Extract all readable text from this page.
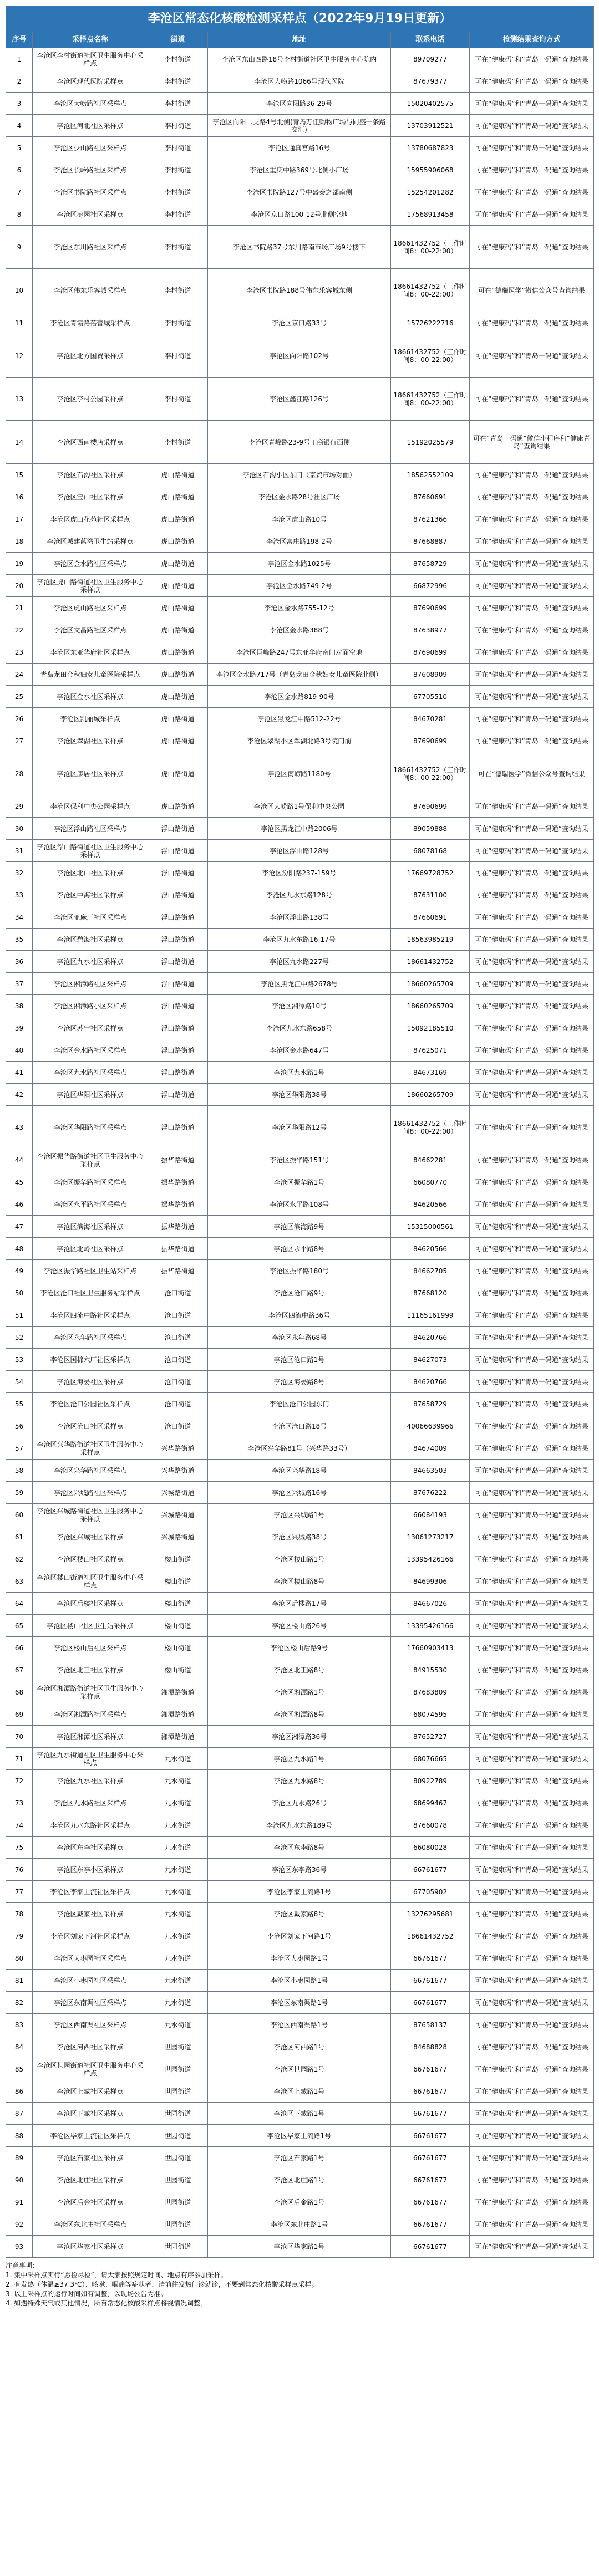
李沧区常态化核酸检测采样点（2022年9月19日更新）					
序号	采样点名称	街道	地址	联系电话	检测结果查询方式
1	李沧区李村街道社区卫生服务中心采样点	李村街道	李沧区东山四路18号李村街道社区卫生服务中心院内	89709277	可在“健康码”和“青岛一码通”查询结果
2	李沧区现代医院采样点	李村街道	李沧区大崂路1066号现代医院	87679377	可在“健康码”和“青岛一码通”查询结果
3	李沧区大崂路社区采样点	李村街道	李沧区向阳路36-29号	15020402575	可在“健康码”和“青岛一码通”查询结果
4	李沧区河北社区采样点	李村街道	李沧区向阳二支路4号北侧(青岛万佳购物广场与同盛一条路交汇)	13703912521	可在“健康码”和“青岛一码通”查询结果
5	李沧区少山路社区采样点	李村街道	李沧区通真宫路16号	13780687823	可在“健康码”和“青岛一码通”查询结果
6	李沧区长岭路社区采样点	李村街道	李沧区重庆中路369号北侧小广场	15955906068	可在“健康码”和“青岛一码通”查询结果
7	李沧区书院路社区采样点	李村街道	李沧区书院路127号中盛泰之都南侧	15254201282	可在“健康码”和“青岛一码通”查询结果
8	李沧区枣园社区采样点	李村街道	李沧区京口路100-12号北侧空地	17568913458	可在“健康码”和“青岛一码通”查询结果
9	李沧区东川路社区采样点	李村街道	李沧区书院路37号东川路南市场广场9号楼下	18661432752（工作时间8：00-22:00）	可在“健康码”和“青岛一码通”查询结果
10	李沧区伟东乐客城采样点	李村街道	李沧区书院路188号伟东乐客城东侧	18661432752（工作时间8：00-22:00）	可在“德瑞医学”微信公众号查询结果
11	李沧区青霞路蓓蕾城采样点	李村街道	李沧区京口路33号	15726222716	可在“健康码”和“青岛一码通”查询结果
12	李沧区北方国贸采样点	李村街道	李沧区向阳路102号	18661432752（工作时间8：00-22:00）	可在“健康码”和“青岛一码通”查询结果
13	李沧区李村公园采样点	李村街道	李沧区鑫江路126号	18661432752（工作时间8：00-22:00）	可在“健康码”和“青岛一码通”查询结果
14	李沧区西南楼店采样点	李村街道	李沧区青峰路23-9号工商银行西侧	15192025579	可在“青岛一码通”微信小程序和“健康青岛”查询结果
15	李沧区石沟社区采样点	虎山路街道	李沧区石沟小区东门（京贸市场对面）	18562552109	可在“健康码”和“青岛一码通”查询结果
16	李沧区宝山社区采样点	虎山路街道	李沧区金水路28号社区广场	87660691	可在“健康码”和“青岛一码通”查询结果
17	李沧区虎山花苑社区采样点	虎山路街道	李沧区虎山路10号	87621366	可在“健康码”和“青岛一码通”查询结果
18	李沧区城建蓝湾卫生站采样点	虎山路街道	李沧区富庄路198-2号	87668887	可在“健康码”和“青岛一码通”查询结果
19	李沧区金水路社区采样点	虎山路街道	李沧区金水路1025号	87658729	可在“健康码”和“青岛一码通”查询结果
20	李沧区虎山路街道社区卫生服务中心采样点	虎山路街道	李沧区金水路749-2号	66872996	可在“健康码”和“青岛一码通”查询结果
21	李沧区虎山路社区采样点	虎山路街道	李沧区金水路755-12号	87690699	可在“健康码”和“青岛一码通”查询结果
22	李沧区文昌路社区采样点	虎山路街道	李沧区金水路388号	87638977	可在“健康码”和“青岛一码通”查询结果
23	李沧区东亚华府社区采样点	虎山路街道	李沧区巨峰路247号东亚华府南门对面空地	87690699	可在“健康码”和“青岛一码通”查询结果
24	青岛龙田金秋妇女儿童医院采样点	虎山路街道	李沧区金水路717号（青岛龙田金秋妇女儿童医院北侧）	87608909	可在“健康码”和“青岛一码通”查询结果
25	李沧区金水社区采样点	虎山路街道	李沧区金水路819-90号	67705510	可在“健康码”和“青岛一码通”查询结果
26	李沧区凯丽城采样点	虎山路街道	李沧区黑龙江中路512-22号	84670281	可在“健康码”和“青岛一码通”查询结果
27	李沧区翠湖社区采样点	虎山路街道	李沧区翠湖小区翠湖北路3号院门前	87690699	可在“健康码”和“青岛一码通”查询结果
28	李沧区康居社区采样点	虎山路街道	李沧区南崂路1180号	18661432752（工作时间8：00-22:00）	可在“德瑞医学”微信公众号查询结果
29	李沧区保利中央公园采样点	虎山路街道	李沧区大崂路1号保利中央公园	87690699	可在“健康码”和“青岛一码通”查询结果
30	李沧区浮山路社区采样点	浮山路街道	李沧区黑龙江中路2006号	89059888	可在“健康码”和“青岛一码通”查询结果
31	李沧区浮山路街道社区卫生服务中心采样点	浮山路街道	李沧区浮山路128号	68078168	可在“健康码”和“青岛一码通”查询结果
32	李沧区北山社区采样点	浮山路街道	李沧区汾阳路237-159号	17669728752	可在“健康码”和“青岛一码通”查询结果
33	李沧区中海社区采样点	浮山路街道	李沧区九水东路128号	87631100	可在“健康码”和“青岛一码通”查询结果
34	李沧区亚麻厂社区采样点	浮山路街道	李沧区浮山路138号	87660691	可在“健康码”和“青岛一码通”查询结果
35	李沧区碧海社区采样点	浮山路街道	李沧区九水东路16-17号	18563985219	可在“健康码”和“青岛一码通”查询结果
36	李沧区九水社区采样点	浮山路街道	李沧区九水路227号	18661432752	可在“健康码”和“青岛一码通”查询结果
37	李沧区湘潭路社区采样点	浮山路街道	李沧区黑龙江中路2678号	18660265709	可在“健康码”和“青岛一码通”查询结果
38	李沧区湘潭路小区采样点	浮山路街道	李沧区湘潭路10号	18660265709	可在“健康码”和“青岛一码通”查询结果
39	李沧区苏宁社区采样点	浮山路街道	李沧区九水东路658号	15092185510	可在“健康码”和“青岛一码通”查询结果
40	李沧区金水路社区采样点	浮山路街道	李沧区金水路647号	87625071	可在“健康码”和“青岛一码通”查询结果
41	李沧区九水路社区采样点	浮山路街道	李沧区九水路1号	84673169	可在“健康码”和“青岛一码通”查询结果
42	李沧区华阳社区采样点	浮山路街道	李沧区华阳路38号	18660265709	可在“健康码”和“青岛一码通”查询结果
43	李沧区华阳路社区采样点	浮山路街道	李沧区华阳路12号	18661432752（工作时间8：00-22:00）	可在“健康码”和“青岛一码通”查询结果
44	李沧区振华路街道社区卫生服务中心采样点	振华路街道	李沧区振华路151号	84662281	可在“健康码”和“青岛一码通”查询结果
45	李沧区振华路社区采样点	振华路街道	李沧区振华路1号	66080770	可在“健康码”和“青岛一码通”查询结果
46	李沧区永平路社区采样点	振华路街道	李沧区永平路108号	84620566	可在“健康码”和“青岛一码通”查询结果
47	李沧区滨海社区采样点	振华路街道	李沧区滨海路9号	15315000561	可在“健康码”和“青岛一码通”查询结果
48	李沧区北岭社区采样点	振华路街道	李沧区永平路8号	84620566	可在“健康码”和“青岛一码通”查询结果
49	李沧区振华路社区卫生站采样点	振华路街道	李沧区振华路180号	84662705	可在“健康码”和“青岛一码通”查询结果
50	李沧区沧口社区卫生服务站采样点	沧口街道	李沧区沧口路9号	87668120	可在“健康码”和“青岛一码通”查询结果
51	李沧区四流中路社区采样点	沧口街道	李沧区四流中路36号	11165161999	可在“健康码”和“青岛一码通”查询结果
52	李沧区永年路社区采样点	沧口街道	李沧区永年路68号	84620766	可在“健康码”和“青岛一码通”查询结果
53	李沧区国棉六厂社区采样点	沧口街道	李沧区沧口路1号	84627073	可在“健康码”和“青岛一码通”查询结果
54	李沧区海晏社区采样点	沧口街道	李沧区海晏路8号	84620766	可在“健康码”和“青岛一码通”查询结果
55	李沧区沧口公园社区采样点	沧口街道	李沧区沧口公园东门	87658729	可在“健康码”和“青岛一码通”查询结果
56	李沧区沧口社区采样点	沧口街道	李沧区沧口路18号	40066639966	可在“健康码”和“青岛一码通”查询结果
57	李沧区兴华路街道社区卫生服务中心采样点	兴华路街道	李沧区兴华路81号（兴华路33号）	84674009	可在“健康码”和“青岛一码通”查询结果
58	李沧区兴华路社区采样点	兴华路街道	李沧区兴华路18号	84663503	可在“健康码”和“青岛一码通”查询结果
59	李沧区兴城路社区采样点	兴城路街道	李沧区兴城路16号	87676222	可在“健康码”和“青岛一码通”查询结果
60	李沧区兴城路街道社区卫生服务中心采样点	兴城路街道	李沧区兴城路1号	66084193	可在“健康码”和“青岛一码通”查询结果
61	李沧区兴城社区采样点	兴城路街道	李沧区兴城路38号	13061273217	可在“健康码”和“青岛一码通”查询结果
62	李沧区楼山社区采样点	楼山街道	李沧区楼山路1号	13395426166	可在“健康码”和“青岛一码通”查询结果
63	李沧区楼山街道社区卫生服务中心采样点	楼山街道	李沧区楼山路8号	84699306	可在“健康码”和“青岛一码通”查询结果
64	李沧区后楼社区采样点	楼山街道	李沧区后楼路17号	84667026	可在“健康码”和“青岛一码通”查询结果
65	李沧区楼山社区卫生站采样点	楼山街道	李沧区楼山路26号	13395426166	可在“健康码”和“青岛一码通”查询结果
66	李沧区楼山后社区采样点	楼山街道	李沧区楼山后路9号	17660903413	可在“健康码”和“青岛一码通”查询结果
67	李沧区北王社区采样点	楼山街道	李沧区北王路8号	84915530	可在“健康码”和“青岛一码通”查询结果
68	李沧区湘潭路街道社区卫生服务中心采样点	湘潭路街道	李沧区湘潭路1号	87683809	可在“健康码”和“青岛一码通”查询结果
69	李沧区湘潭路社区采样点	湘潭路街道	李沧区湘潭路8号	68074595	可在“健康码”和“青岛一码通”查询结果
70	李沧区湘潭社区采样点	湘潭路街道	李沧区湘潭路36号	87652727	可在“健康码”和“青岛一码通”查询结果
71	李沧区九水街道社区卫生服务中心采样点	九水街道	李沧区九水路1号	68076665	可在“健康码”和“青岛一码通”查询结果
72	李沧区九水社区采样点	九水街道	李沧区九水路8号	80922789	可在“健康码”和“青岛一码通”查询结果
73	李沧区九水路社区采样点	九水街道	李沧区九水路26号	68699467	可在“健康码”和“青岛一码通”查询结果
74	李沧区九水东路社区采样点	九水街道	李沧区九水东路189号	87660078	可在“健康码”和“青岛一码通”查询结果
75	李沧区东李社区采样点	九水街道	李沧区东李路8号	66080028	可在“健康码”和“青岛一码通”查询结果
76	李沧区东李小区采样点	九水街道	李沧区东李路36号	66761677	可在“健康码”和“青岛一码通”查询结果
77	李沧区李家上流社区采样点	九水街道	李沧区李家上流路1号	67705902	可在“健康码”和“青岛一码通”查询结果
78	李沧区戴家社区采样点	九水街道	李沧区戴家路8号	13276295681	可在“健康码”和“青岛一码通”查询结果
79	李沧区刘家下河社区采样点	九水街道	李沧区刘家下河路1号	18661432752	可在“健康码”和“青岛一码通”查询结果
80	李沧区大枣园社区采样点	九水街道	李沧区大枣园路1号	66761677	可在“健康码”和“青岛一码通”查询结果
81	李沧区小枣园社区采样点	九水街道	李沧区小枣园路1号	66761677	可在“健康码”和“青岛一码通”查询结果
82	李沧区东南渠社区采样点	九水街道	李沧区东南渠路1号	66761677	可在“健康码”和“青岛一码通”查询结果
83	李沧区西南渠社区采样点	九水街道	李沧区西南渠路1号	87658137	可在“健康码”和“青岛一码通”查询结果
84	李沧区河西社区采样点	世园街道	李沧区河西路1号	84688828	可在“健康码”和“青岛一码通”查询结果
85	李沧区世园街道社区卫生服务中心采样点	世园街道	李沧区世园路1号	66761677	可在“健康码”和“青岛一码通”查询结果
86	李沧区上臧社区采样点	世园街道	李沧区上臧路1号	66761677	可在“健康码”和“青岛一码通”查询结果
87	李沧区下臧社区采样点	世园街道	李沧区下臧路1号	66761677	可在“健康码”和“青岛一码通”查询结果
88	李沧区毕家上流社区采样点	世园街道	李沧区毕家上流路1号	66761677	可在“健康码”和“青岛一码通”查询结果
89	李沧区石家社区采样点	世园街道	李沧区石家路1号	66761677	可在“健康码”和“青岛一码通”查询结果
90	李沧区北庄社区采样点	世园街道	李沧区北庄路1号	66761677	可在“健康码”和“青岛一码通”查询结果
91	李沧区后金社区采样点	世园街道	李沧区后金路1号	66761677	可在“健康码”和“青岛一码通”查询结果
92	李沧区东北庄社区采样点	世园街道	李沧区东北庄路1号	66761677	可在“健康码”和“青岛一码通”查询结果
93	李沧区毕家社区采样点	世园街道	李沧区毕家路1号	66761677	可在“健康码”和“青岛一码通”查询结果
注意事项：
1. 集中采样点实行“愿检尽检”，请大家按照规定时间、地点有序参加采样。
2. 有发热（体温≥37.3℃）、咳嗽、咽痛等症状者，请前往发热门诊就诊，不要到常态化核酸采样点采样。
3. 以上采样点的运行时间如有调整，以现场公告为准。
4. 如遇特殊天气或其他情况，所有常态化核酸采样点将视情况调整。
